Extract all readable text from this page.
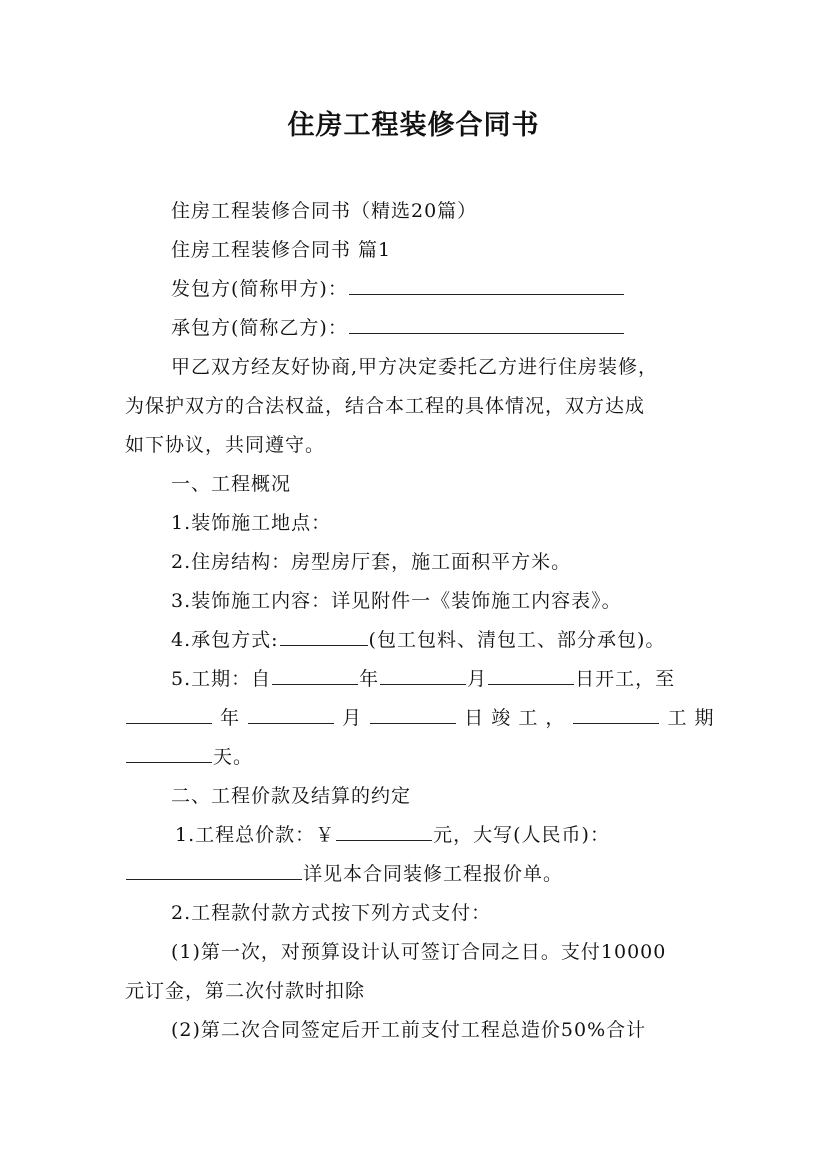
住房工程装修合同书
住房工程装修合同书（精选20篇）
住房工程装修合同书 篇1
发包方(简称甲方)：
承包方(简称乙方)：
甲乙双方经友好协商,甲方决定委托乙方进行住房装修，
为保护双方的合法权益，结合本工程的具体情况，双方达成
如下协议，共同遵守。
一、工程概况
1.装饰施工地点：
2.住房结构：房型房厅套，施工面积平方米。
3.装饰施工内容：详见附件一《装饰施工内容表》。
4.承包方式:	(包工包料、清包工、部分承包)。
5.工期：自	年	月	日开工，至
年	月	日 竣 工 ，	工 期
天。
二、工程价款及结算的约定
1.工程总价款：￥	元，大写(人民币)：
详见本合同装修工程报价单。
2.工程款付款方式按下列方式支付：
(1)第一次，对预算设计认可签订合同之日。支付10000
元订金，第二次付款时扣除
(2)第二次合同签定后开工前支付工程总造价50%合计
